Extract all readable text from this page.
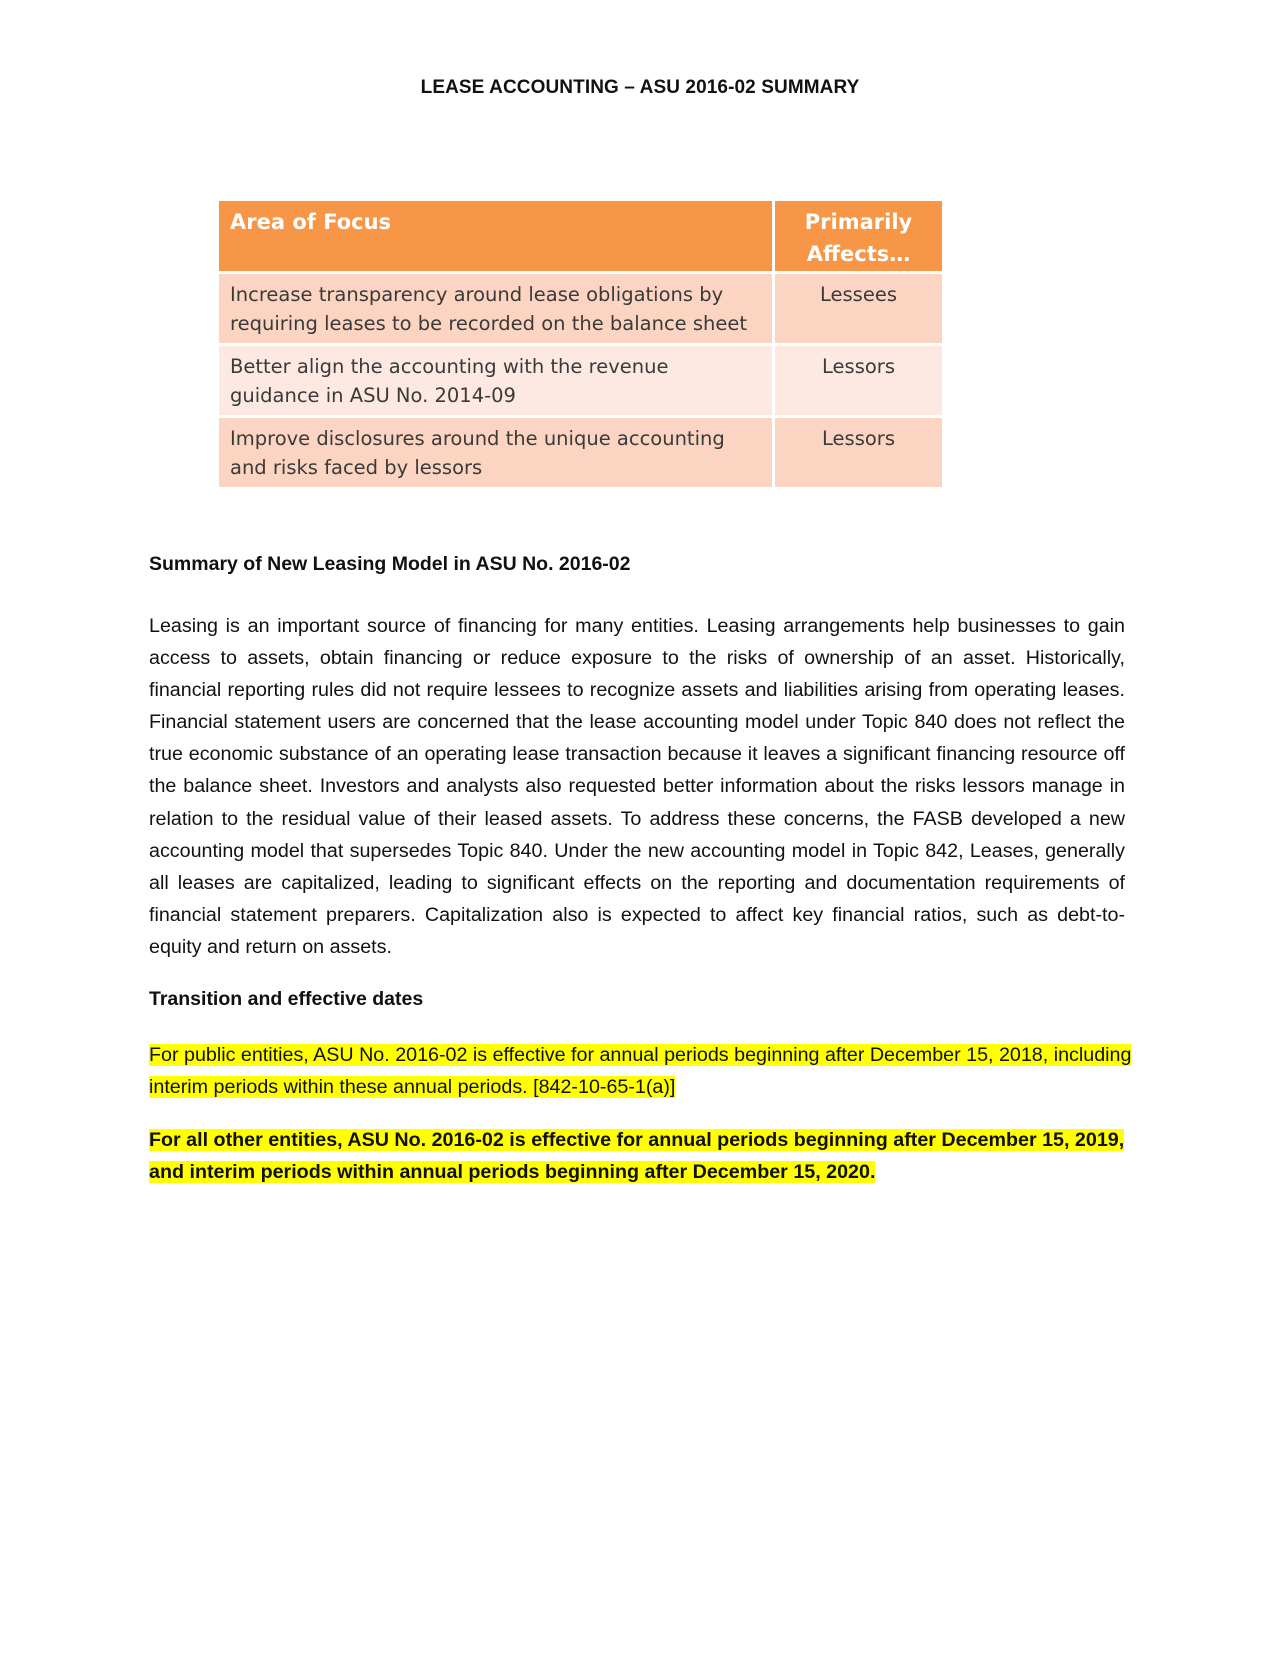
LEASE ACCOUNTING – ASU 2016-02 SUMMARY
Area of Focus	Primarily Affects…
Increase transparency around lease obligations by requiring leases to be recorded on the balance sheet	Lessees
Better align the accounting with the revenue guidance in ASU No. 2014-09	Lessors
Improve disclosures around the unique accounting and risks faced by lessors	Lessors
Summary of New Leasing Model in ASU No. 2016-02
Leasing is an important source of financing for many entities. Leasing arrangements help businesses to gain access to assets, obtain financing or reduce exposure to the risks of ownership of an asset. Historically, financial reporting rules did not require lessees to recognize assets and liabilities arising from operating leases. Financial statement users are concerned that the lease accounting model under Topic 840 does not reflect the true economic substance of an operating lease transaction because it leaves a significant financing resource off the balance sheet. Investors and analysts also requested better information about the risks lessors manage in relation to the residual value of their leased assets. To address these concerns, the FASB developed a new accounting model that supersedes Topic 840. Under the new accounting model in Topic 842, Leases, generally all leases are capitalized, leading to significant effects on the reporting and documentation requirements of financial statement preparers. Capitalization also is expected to affect key financial ratios, such as debt-to-equity and return on assets.
Transition and effective dates
For public entities, ASU No. 2016-02 is effective for annual periods beginning after December 15, 2018, including interim periods within these annual periods. [842-10-65-1(a)]
For all other entities, ASU No. 2016-02 is effective for annual periods beginning after December 15, 2019, and interim periods within annual periods beginning after December 15, 2020.
